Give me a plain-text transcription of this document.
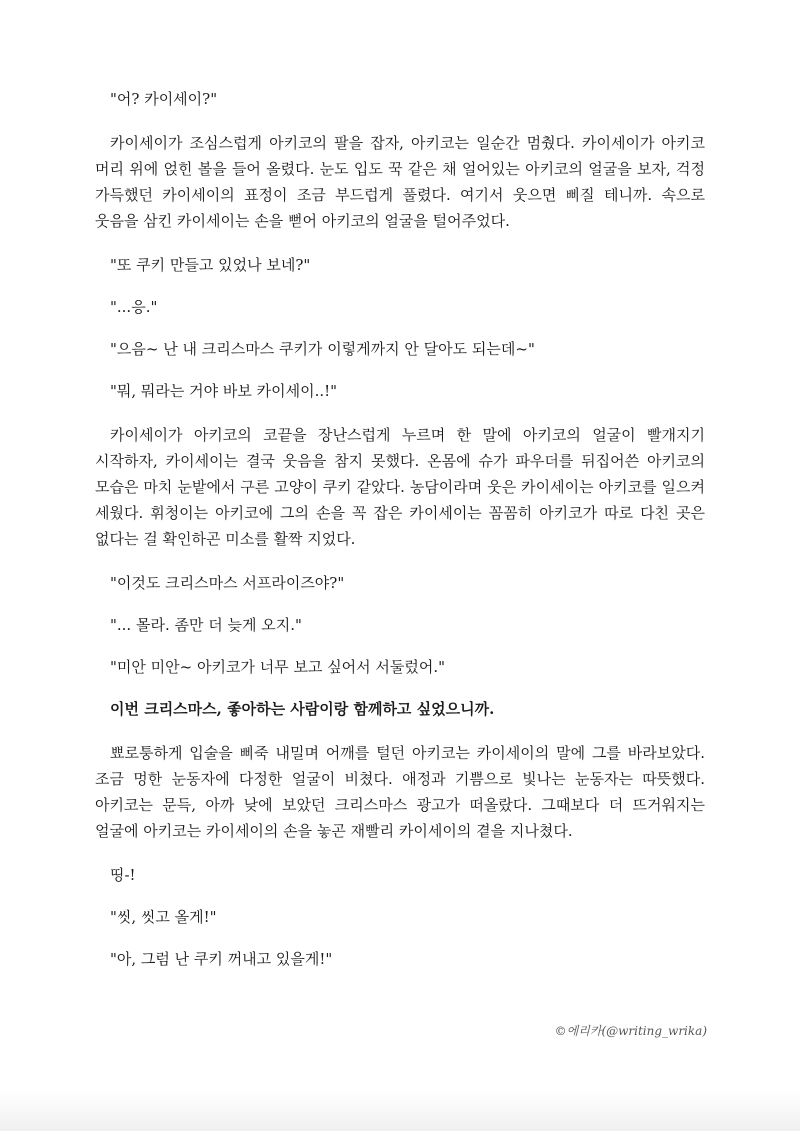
"어? 카이세이?"

카이세이가 조심스럽게 아키코의 팔을 잡자, 아키코는 일순간 멈췄다. 카이세이가 아키코 머리 위에 얹힌 볼을 들어 올렸다. 눈도 입도 꾹 같은 채 얼어있는 아키코의 얼굴을 보자, 걱정 가득했던 카이세이의 표정이 조금 부드럽게 풀렸다. 여기서 웃으면 삐질 테니까. 속으로 웃음을 삼킨 카이세이는 손을 뻗어 아키코의 얼굴을 털어주었다.

"또 쿠키 만들고 있었나 보네?"

"...응."

"으음~ 난 내 크리스마스 쿠키가 이렇게까지 안 달아도 되는데~"

"뭐, 뭐라는 거야 바보 카이세이..!"

카이세이가 아키코의 코끝을 장난스럽게 누르며 한 말에 아키코의 얼굴이 빨개지기 시작하자, 카이세이는 결국 웃음을 참지 못했다. 온몸에 슈가 파우더를 뒤집어쓴 아키코의 모습은 마치 눈밭에서 구른 고양이 쿠키 같았다. 농담이라며 웃은 카이세이는 아키코를 일으켜 세웠다. 휘청이는 아키코에 그의 손을 꼭 잡은 카이세이는 꼼꼼히 아키코가 따로 다친 곳은 없다는 걸 확인하곤 미소를 활짝 지었다.

"이것도 크리스마스 서프라이즈야?"

"... 몰라. 좀만 더 늦게 오지."

"미안 미안~ 아키코가 너무 보고 싶어서 서둘렀어."

이번 크리스마스, 좋아하는 사람이랑 함께하고 싶었으니까.

뾰로퉁하게 입술을 삐죽 내밀며 어깨를 털던 아키코는 카이세이의 말에 그를 바라보았다. 조금 멍한 눈동자에 다정한 얼굴이 비쳤다. 애정과 기쁨으로 빛나는 눈동자는 따뜻했다. 아키코는 문득, 아까 낮에 보았던 크리스마스 광고가 떠올랐다. 그때보다 더 뜨거워지는 얼굴에 아키코는 카이세이의 손을 놓곤 재빨리 카이세이의 곁을 지나쳤다.

띵-!

"씻, 씻고 올게!"

"아, 그럼 난 쿠키 꺼내고 있을게!"

©에리카(@writing_wrika)
